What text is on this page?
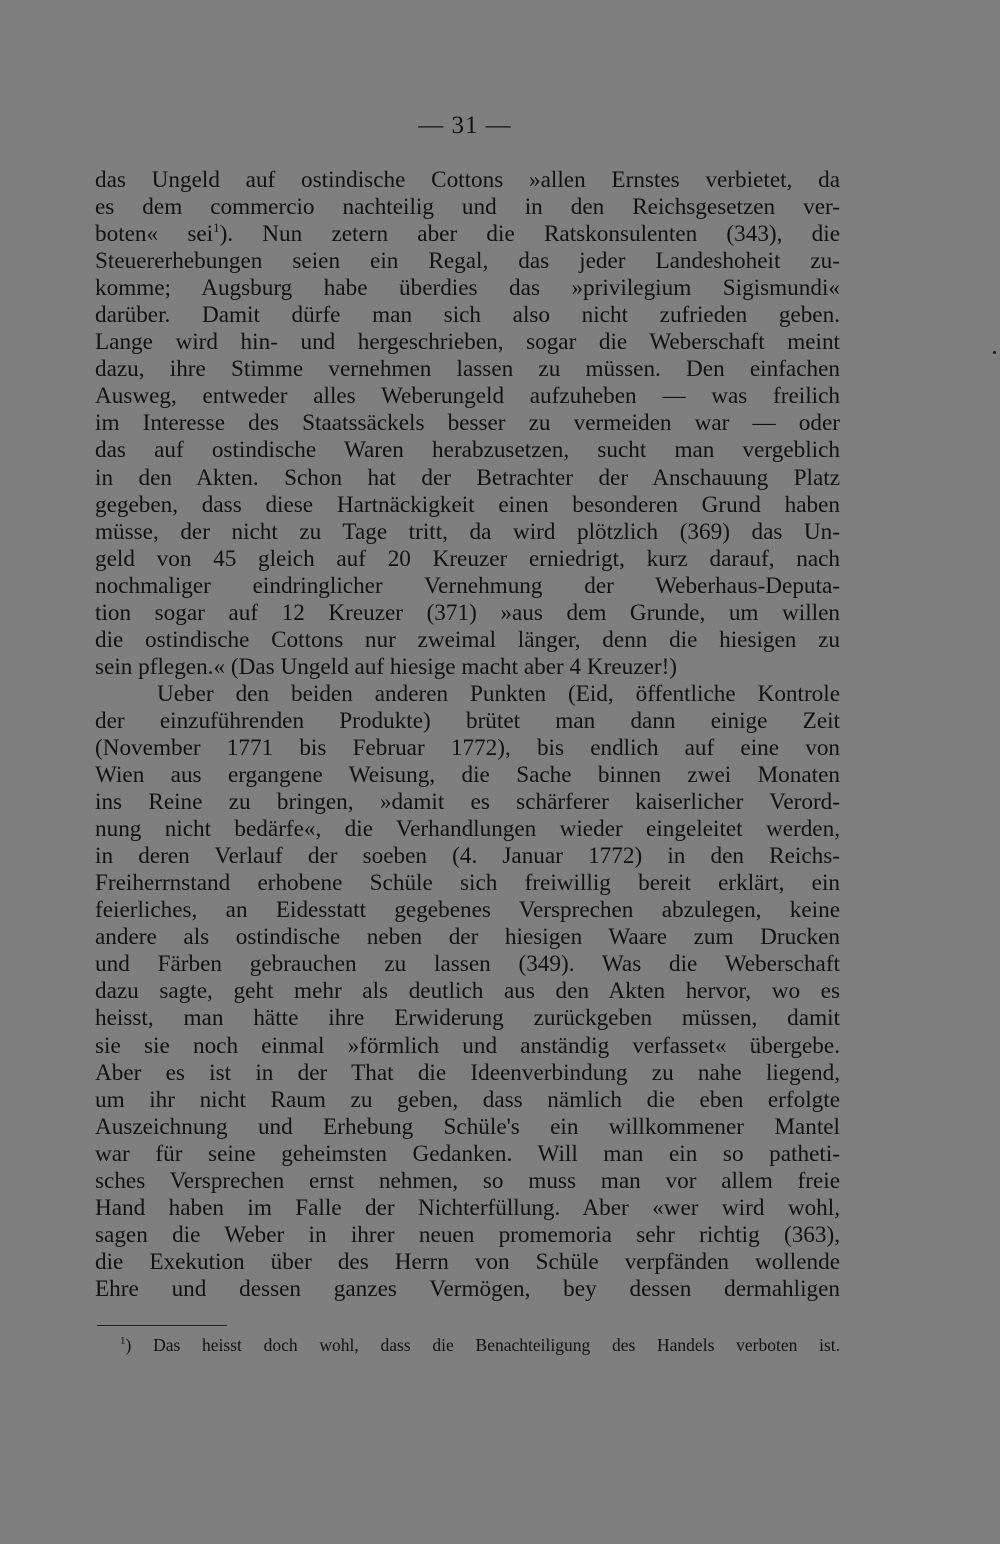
— 31 —
das Ungeld auf ostindische Cottons »allen Ernstes verbietet, da
es dem commercio nachteilig und in den Reichsgesetzen ver-
boten« sei$^1$). Nun zetern aber die Ratskonsulenten (343), die
Steuererhebungen seien ein Regal, das jeder Landeshoheit zu-
komme; Augsburg habe überdies das »privilegium Sigismundi«
darüber. Damit dürfe man sich also nicht zufrieden geben.
Lange wird hin- und hergeschrieben, sogar die Weberschaft meint
dazu, ihre Stimme vernehmen lassen zu müssen. Den einfachen
Ausweg, entweder alles Weberungeld aufzuheben — was freilich
im Interesse des Staatssäckels besser zu vermeiden war — oder
das auf ostindische Waren herabzusetzen, sucht man vergeblich
in den Akten. Schon hat der Betrachter der Anschauung Platz
gegeben, dass diese Hartnäckigkeit einen besonderen Grund haben
müsse, der nicht zu Tage tritt, da wird plötzlich (369) das Un-
geld von 45 gleich auf 20 Kreuzer erniedrigt, kurz darauf, nach
nochmaliger eindringlicher Vernehmung der Weberhaus-Deputa-
tion sogar auf 12 Kreuzer (371) »aus dem Grunde, um willen
die ostindische Cottons nur zweimal länger, denn die hiesigen zu
sein pflegen.« (Das Ungeld auf hiesige macht aber 4 Kreuzer!)
Ueber den beiden anderen Punkten (Eid, öffentliche Kontrole
der einzuführenden Produkte) brütet man dann einige Zeit
(November 1771 bis Februar 1772), bis endlich auf eine von
Wien aus ergangene Weisung, die Sache binnen zwei Monaten
ins Reine zu bringen, »damit es schärferer kaiserlicher Verord-
nung nicht bedärfe«, die Verhandlungen wieder eingeleitet werden,
in deren Verlauf der soeben (4. Januar 1772) in den Reichs-
Freiherrnstand erhobene Schüle sich freiwillig bereit erklärt, ein
feierliches, an Eidesstatt gegebenes Versprechen abzulegen, keine
andere als ostindische neben der hiesigen Waare zum Drucken
und Färben gebrauchen zu lassen (349). Was die Weberschaft
dazu sagte, geht mehr als deutlich aus den Akten hervor, wo es
heisst, man hätte ihre Erwiderung zurückgeben müssen, damit
sie sie noch einmal »förmlich und anständig verfasset« übergebe.
Aber es ist in der That die Ideenverbindung zu nahe liegend,
um ihr nicht Raum zu geben, dass nämlich die eben erfolgte
Auszeichnung und Erhebung Schüle's ein willkommener Mantel
war für seine geheimsten Gedanken. Will man ein so patheti-
sches Versprechen ernst nehmen, so muss man vor allem freie
Hand haben im Falle der Nichterfüllung. Aber «wer wird wohl,
sagen die Weber in ihrer neuen promemoria sehr richtig (363),
die Exekution über des Herrn von Schüle verpfänden wollende
Ehre und dessen ganzes Vermögen, bey dessen dermahligen
$^1$) Das heisst doch wohl, dass die Benachteiligung des Handels verboten ist.
